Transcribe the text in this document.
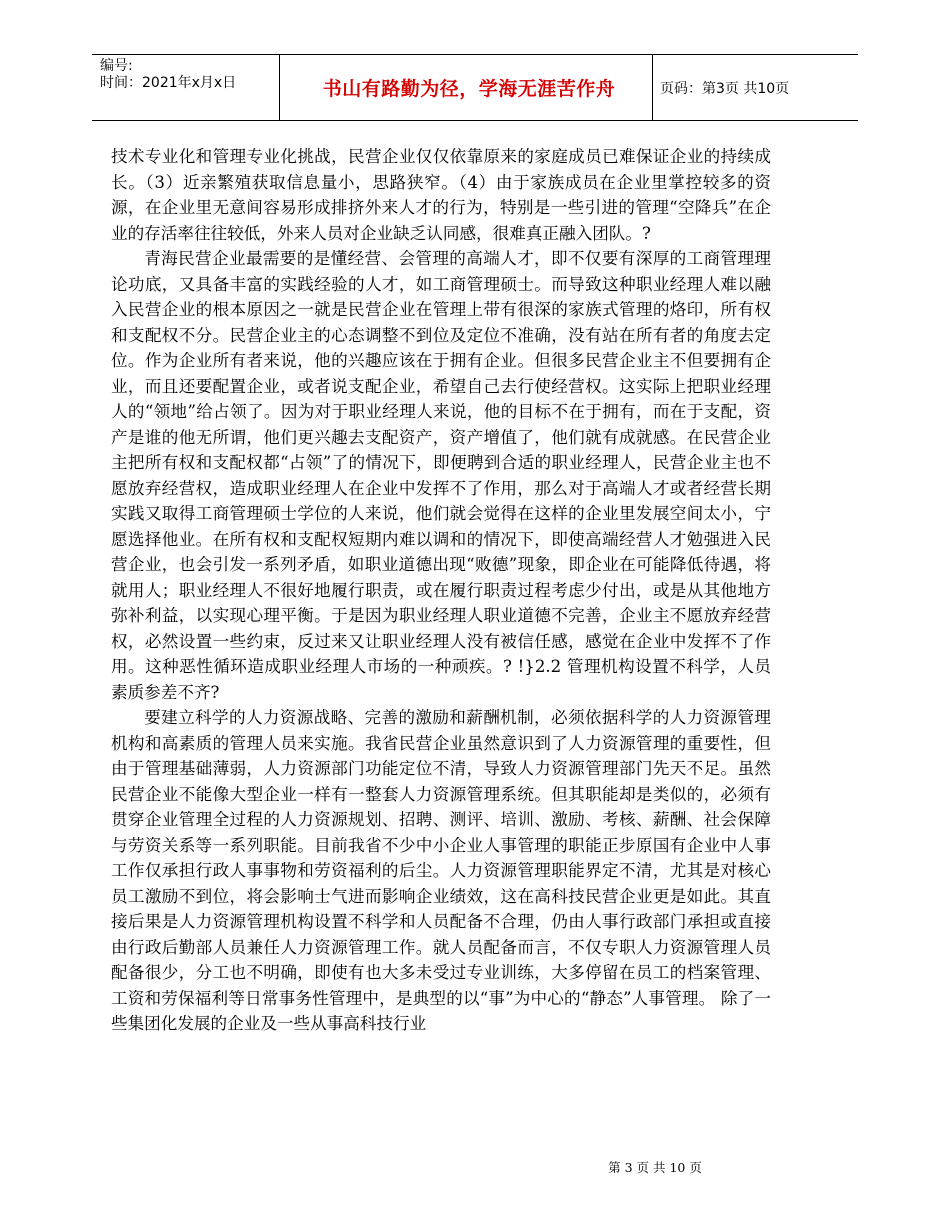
编号:
时间：2021年x月x日	书山有路勤为径，学海无涯苦作舟	页码：第3页 共10页

技术专业化和管理专业化挑战，民营企业仅仅依靠原来的家庭成员已难保证企业的持续成长。（3）近亲繁殖获取信息量小，思路狭窄。（4）由于家族成员在企业里掌控较多的资源，在企业里无意间容易形成排挤外来人才的行为，特别是一些引进的管理“空降兵”在企业的存活率往往较低，外来人员对企业缺乏认同感，很难真正融入团队。?

青海民营企业最需要的是懂经营、会管理的高端人才，即不仅要有深厚的工商管理理论功底，又具备丰富的实践经验的人才，如工商管理硕士。而导致这种职业经理人难以融入民营企业的根本原因之一就是民营企业在管理上带有很深的家族式管理的烙印，所有权和支配权不分。民营企业主的心态调整不到位及定位不准确，没有站在所有者的角度去定位。作为企业所有者来说，他的兴趣应该在于拥有企业。但很多民营企业主不但要拥有企业，而且还要配置企业，或者说支配企业，希望自己去行使经营权。这实际上把职业经理人的“领地”给占领了。因为对于职业经理人来说，他的目标不在于拥有，而在于支配，资产是谁的他无所谓，他们更兴趣去支配资产，资产增值了，他们就有成就感。在民营企业主把所有权和支配权都“占领”了的情况下，即便聘到合适的职业经理人，民营企业主也不愿放弃经营权，造成职业经理人在企业中发挥不了作用，那么对于高端人才或者经营长期实践又取得工商管理硕士学位的人来说，他们就会觉得在这样的企业里发展空间太小，宁愿选择他业。在所有权和支配权短期内难以调和的情况下，即使高端经营人才勉强进入民营企业，也会引发一系列矛盾，如职业道德出现“败德”现象，即企业在可能降低待遇，将就用人；职业经理人不很好地履行职责，或在履行职责过程考虑少付出，或是从其他地方弥补利益，以实现心理平衡。于是因为职业经理人职业道德不完善，企业主不愿放弃经营权，必然设置一些约束，反过来又让职业经理人没有被信任感，感觉在企业中发挥不了作用。这种恶性循环造成职业经理人市场的一种顽疾。? !}2.2 管理机构设置不科学，人员素质参差不齐?

要建立科学的人力资源战略、完善的激励和薪酬机制，必须依据科学的人力资源管理机构和高素质的管理人员来实施。我省民营企业虽然意识到了人力资源管理的重要性，但由于管理基础薄弱，人力资源部门功能定位不清，导致人力资源管理部门先天不足。虽然民营企业不能像大型企业一样有一整套人力资源管理系统。但其职能却是类似的，必须有贯穿企业管理全过程的人力资源规划、招聘、测评、培训、激励、考核、薪酬、社会保障与劳资关系等一系列职能。目前我省不少中小企业人事管理的职能正步原国有企业中人事工作仅承担行政人事事物和劳资福利的后尘。人力资源管理职能界定不清，尤其是对核心员工激励不到位，将会影响士气进而影响企业绩效，这在高科技民营企业更是如此。其直接后果是人力资源管理机构设置不科学和人员配备不合理，仍由人事行政部门承担或直接由行政后勤部人员兼任人力资源管理工作。就人员配备而言，不仅专职人力资源管理人员配备很少，分工也不明确，即使有也大多未受过专业训练，大多停留在员工的档案管理、工资和劳保福利等日常事务性管理中，是典型的以“事”为中心的“静态”人事管理。 除了一些集团化发展的企业及一些从事高科技行业

第 3 页 共 10 页
